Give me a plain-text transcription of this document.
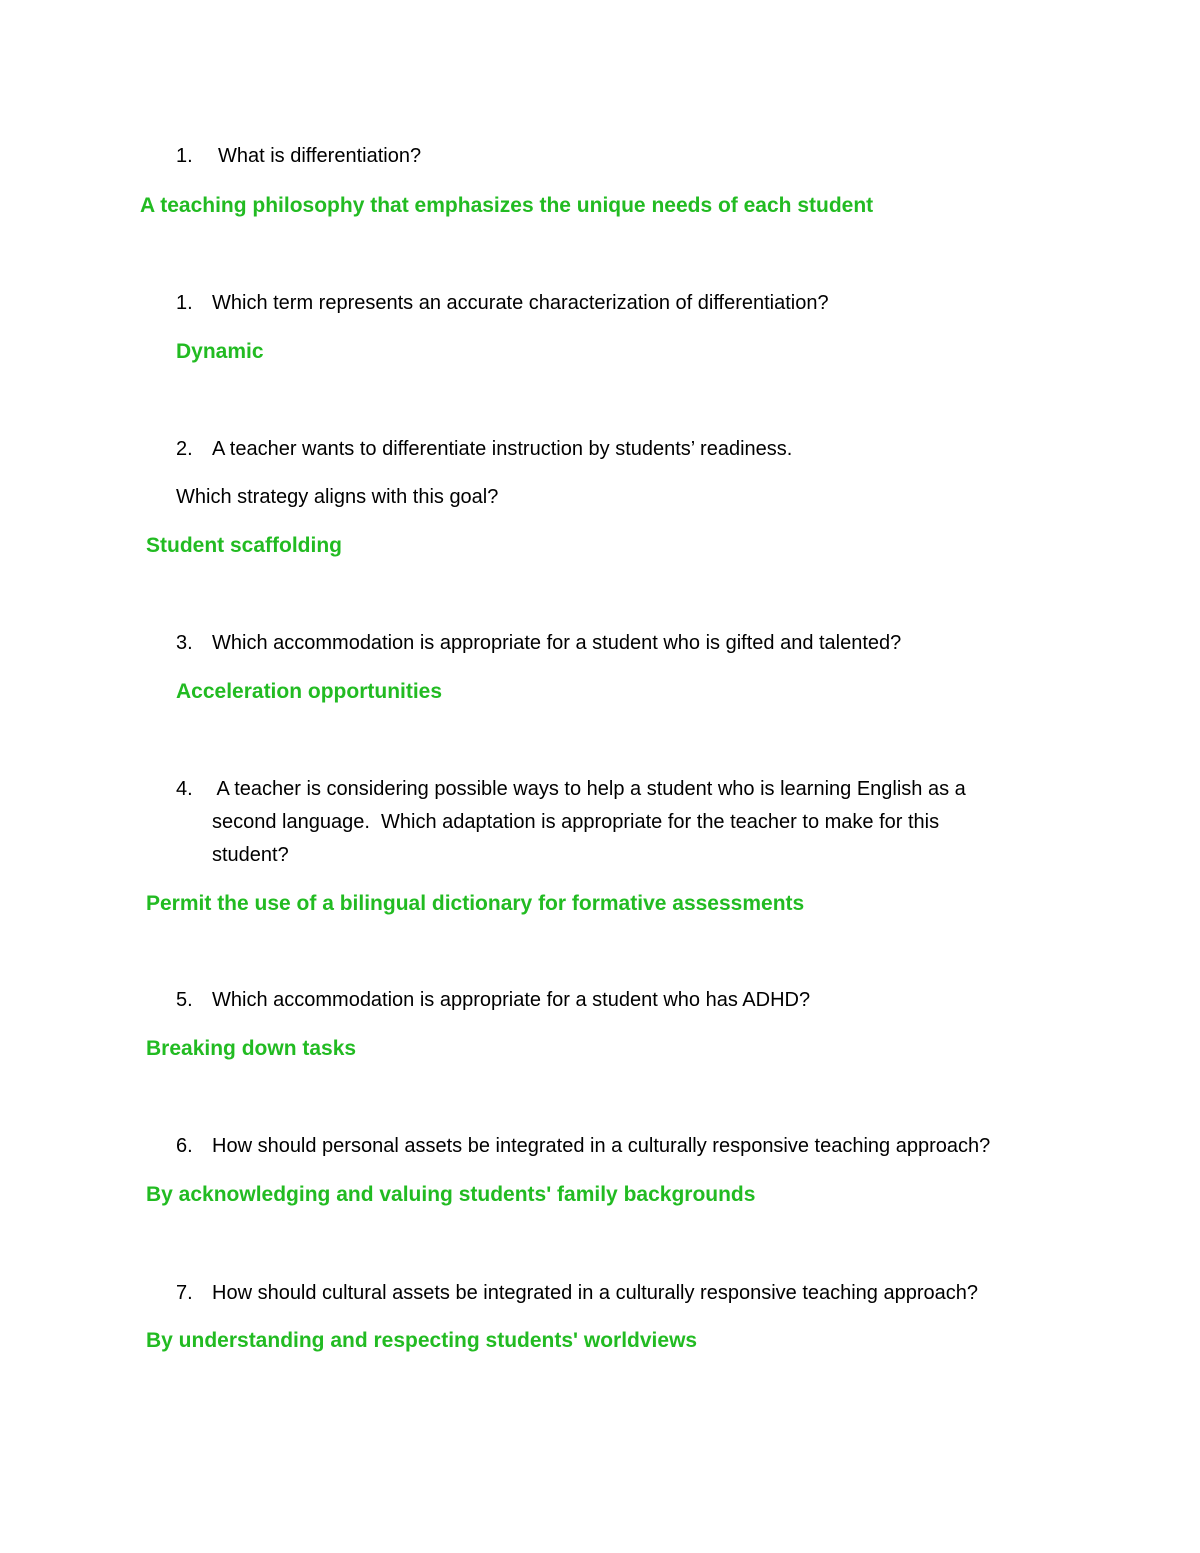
1. What is differentiation?
A teaching philosophy that emphasizes the unique needs of each student
1. Which term represents an accurate characterization of differentiation?
Dynamic
2. A teacher wants to differentiate instruction by students’ readiness.
Which strategy aligns with this goal?
Student scaffolding
3. Which accommodation is appropriate for a student who is gifted and talented?
Acceleration opportunities
4. A teacher is considering possible ways to help a student who is learning English as a
second language.  Which adaptation is appropriate for the teacher to make for this
student?
Permit the use of a bilingual dictionary for formative assessments
5. Which accommodation is appropriate for a student who has ADHD?
Breaking down tasks
6. How should personal assets be integrated in a culturally responsive teaching approach?
By acknowledging and valuing students' family backgrounds
7. How should cultural assets be integrated in a culturally responsive teaching approach?
By understanding and respecting students' worldviews
